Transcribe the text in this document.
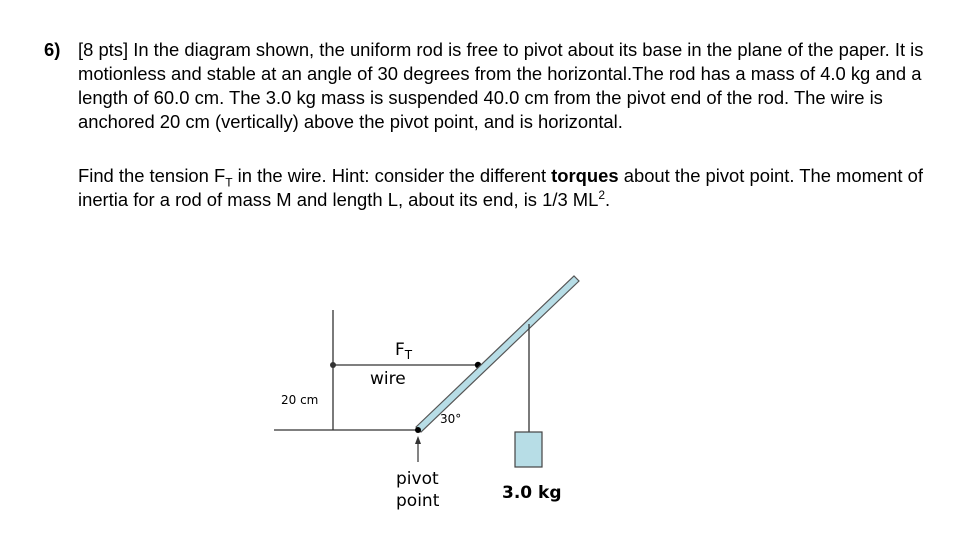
6) [8 pts] In the diagram shown, the uniform rod is free to pivot about its base in the plane of the paper. It is motionless and stable at an angle of 30 degrees from the horizontal.The rod has a mass of 4.0 kg and a length of 60.0 cm. The 3.0 kg mass is suspended 40.0 cm from the pivot end of the rod. The wire is anchored 20 cm (vertically) above the pivot point, and is horizontal.

Find the tension $F_T$ in the wire. Hint: consider the different torques about the pivot point. The moment of inertia for a rod of mass M and length L, about its end, is 1/3 $ML^2$.

$F_T$
wire
20 cm
30°
pivot
point	3.0 kg
